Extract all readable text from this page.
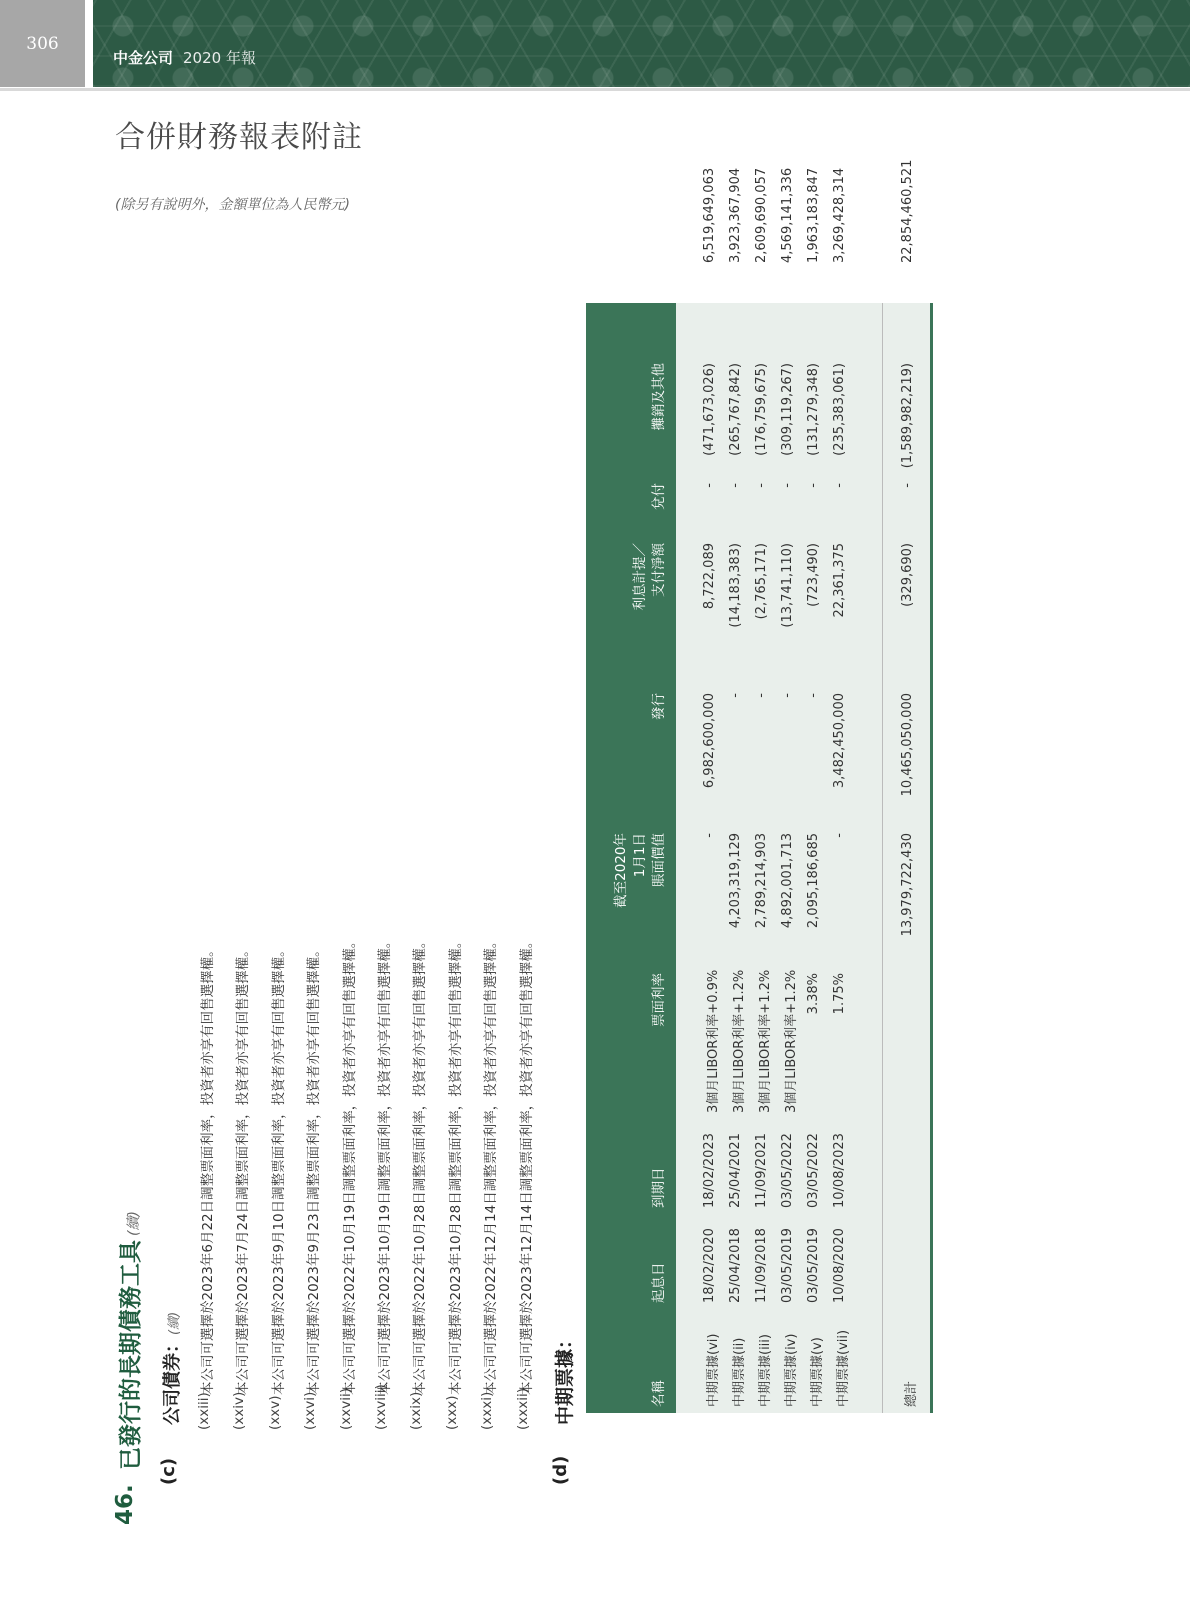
306
中金公司 2020 年報
合併財務報表附註
(除另有說明外，金額單位為人民幣元)
46.
已發行的長期債務工具(續)
(c)
公司債券：(續)
(xxiii)
本公司可選擇於2023年6月22日調整票面利率，投資者亦享有回售選擇權。
(xxiv)
本公司可選擇於2023年7月24日調整票面利率，投資者亦享有回售選擇權。
(xxv)
本公司可選擇於2023年9月10日調整票面利率，投資者亦享有回售選擇權。
(xxvi)
本公司可選擇於2023年9月23日調整票面利率，投資者亦享有回售選擇權。
(xxvii)
本公司可選擇於2022年10月19日調整票面利率，投資者亦享有回售選擇權。
(xxviii)
本公司可選擇於2023年10月19日調整票面利率，投資者亦享有回售選擇權。
(xxix)
本公司可選擇於2022年10月28日調整票面利率，投資者亦享有回售選擇權。
(xxx)
本公司可選擇於2023年10月28日調整票面利率，投資者亦享有回售選擇權。
(xxxi)
本公司可選擇於2022年12月14日調整票面利率，投資者亦享有回售選擇權。
(xxxii)
本公司可選擇於2023年12月14日調整票面利率，投資者亦享有回售選擇權。
(d)
中期票據：	名稱
起息日
到期日
票面利率
截至2020年 1月1日 賬面價值
發行
利息計提／ 支付淨額
兌付
攤銷及其他
截至2020年 12月31日 賬面價值
中期票據(vi)
18/02/2020
18/02/2023
3個月LIBOR利率+0.9%
-
6,982,600,000
8,722,089
-
(471,673,026)
6,519,649,063
中期票據(ii)
25/04/2018
25/04/2021
3個月LIBOR利率+1.2%
4,203,319,129
-
(14,183,383)
-
(265,767,842)
3,923,367,904
中期票據(iii)
11/09/2018
11/09/2021
3個月LIBOR利率+1.2%
2,789,214,903
-
(2,765,171)
-
(176,759,675)
2,609,690,057
中期票據(iv)
03/05/2019
03/05/2022
3個月LIBOR利率+1.2%
4,892,001,713
-
(13,741,110)
-
(309,119,267)
4,569,141,336
中期票據(v)
03/05/2019
03/05/2022
3.38%
2,095,186,685
-
(723,490)
-
(131,279,348)
1,963,183,847
中期票據(vii)
10/08/2020
10/08/2023
1.75%
-
3,482,450,000
22,361,375
-
(235,383,061)
3,269,428,314
總計
13,979,722,430
10,465,050,000
(329,690)
-
(1,589,982,219)
22,854,460,521
